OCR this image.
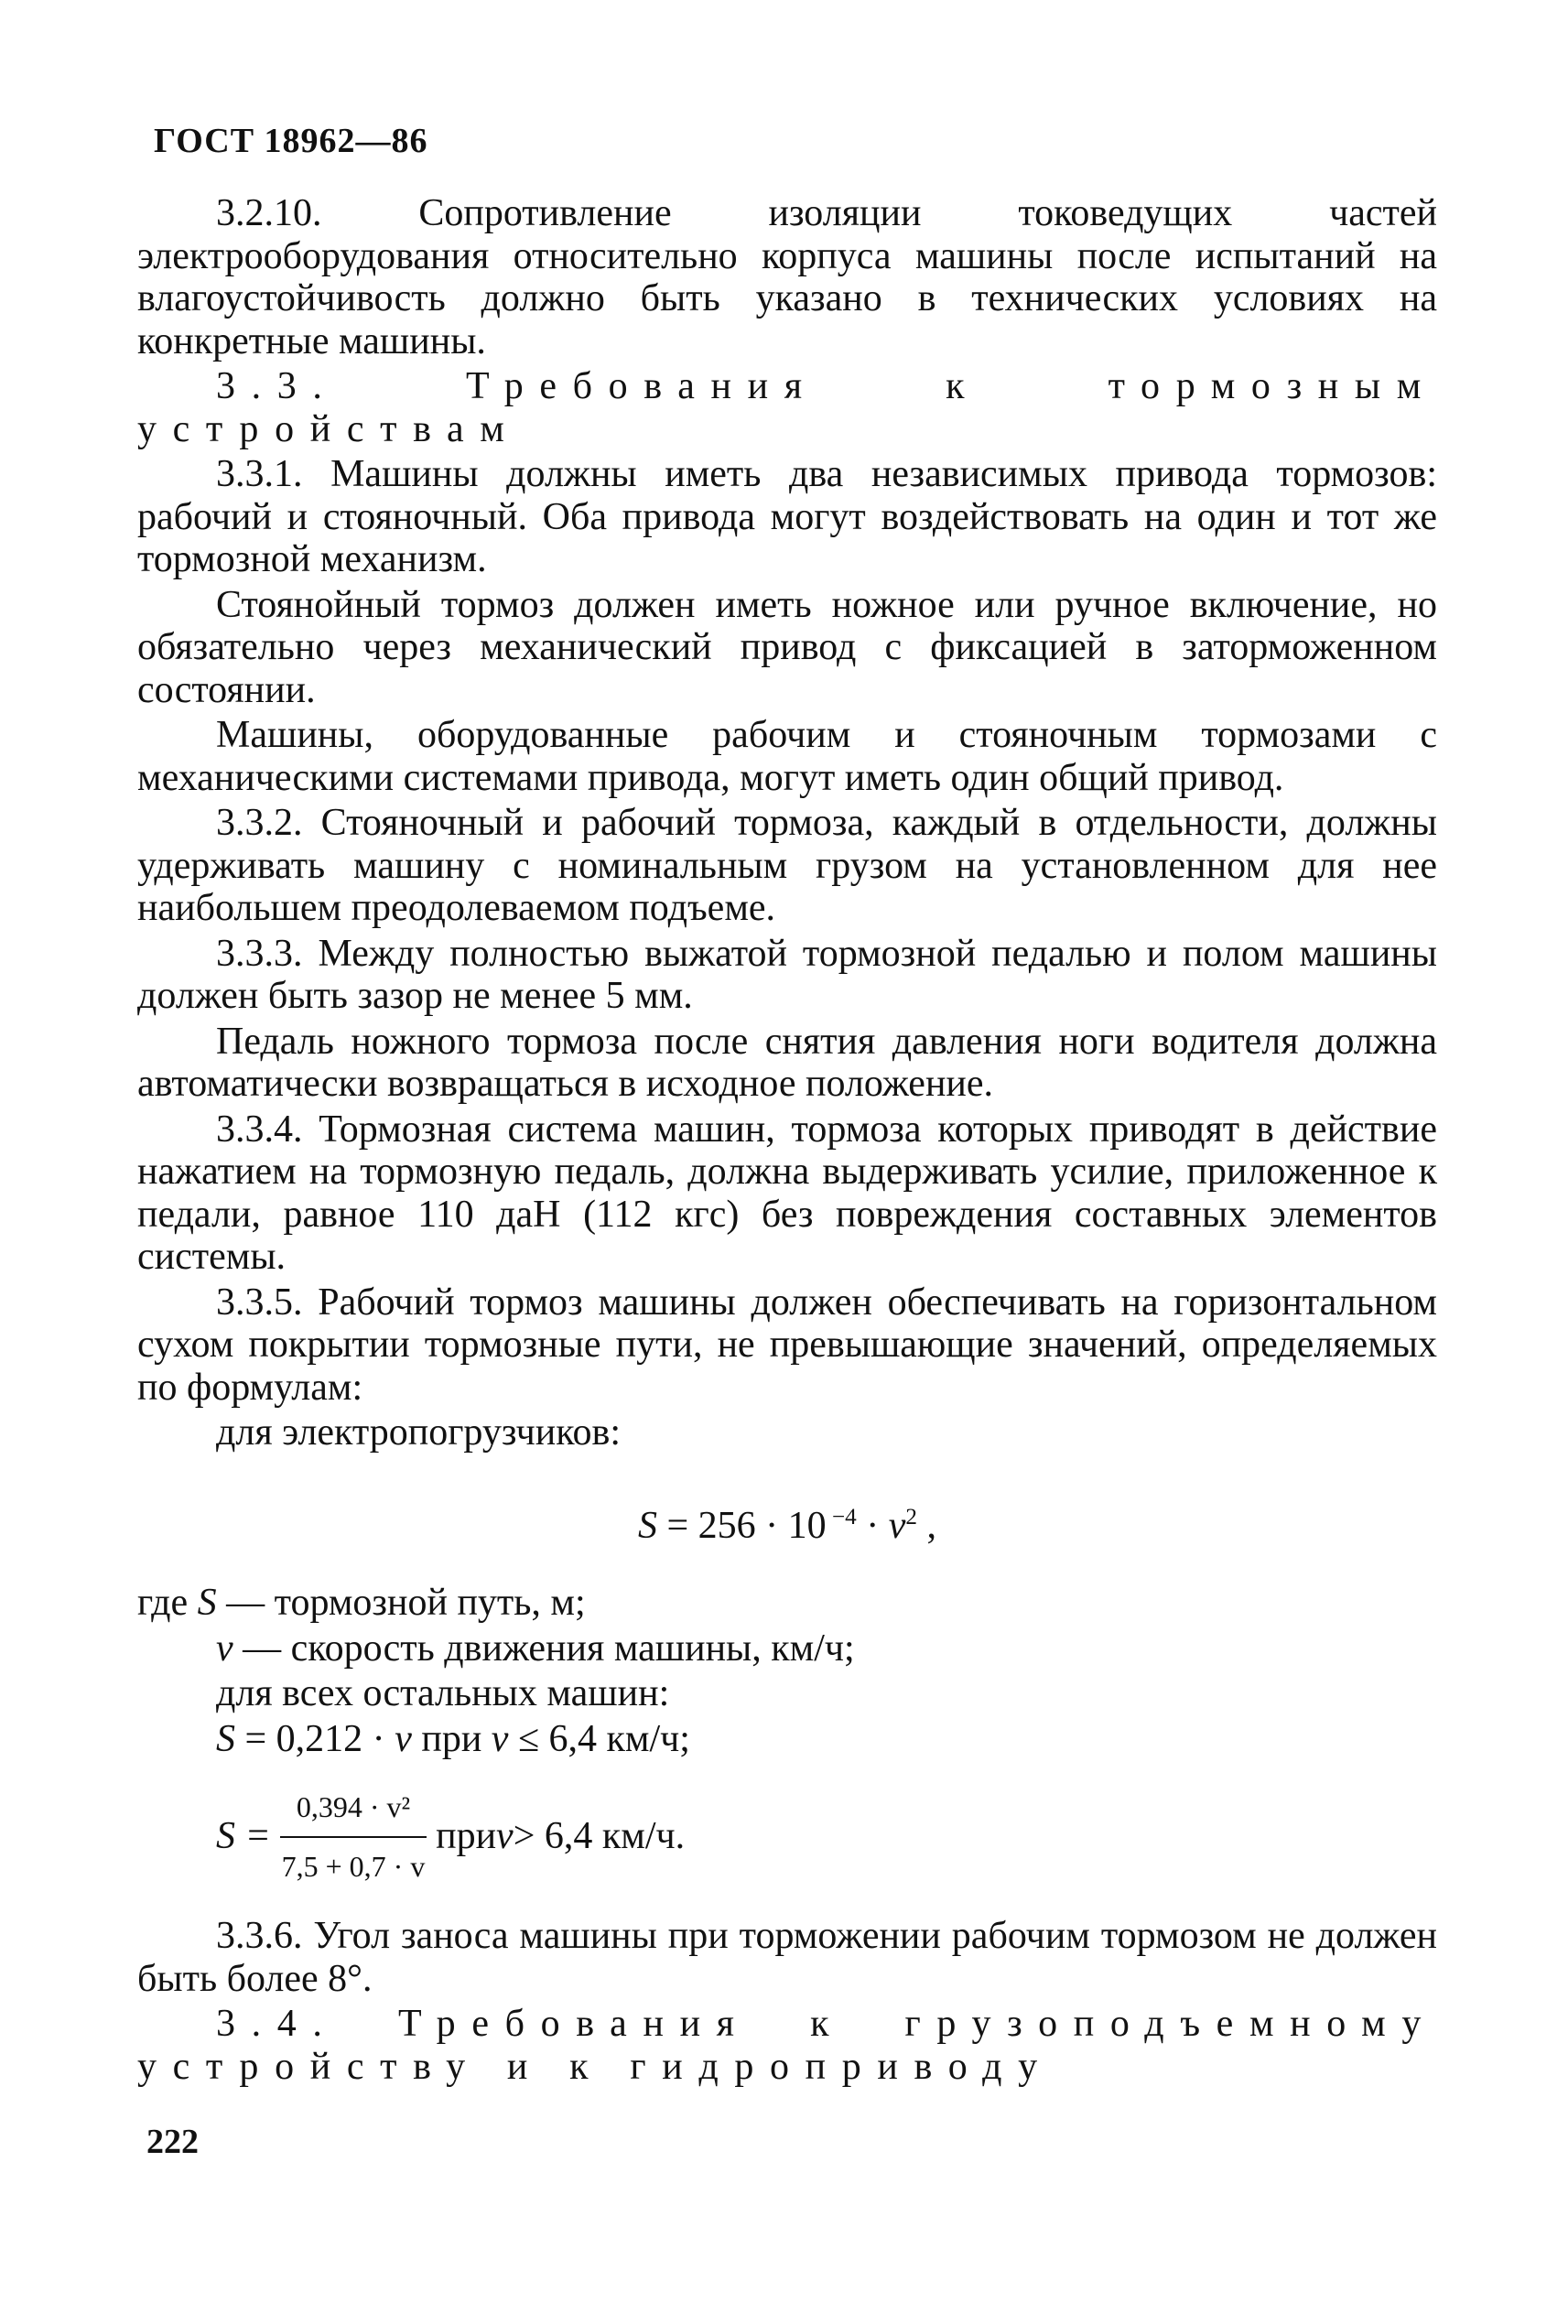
ГОСТ 18962—86

3.2.10. Сопротивление изоляции токоведущих частей электрооборудования относительно корпуса машины после испытаний на влагоустойчивость должно быть указано в технических условиях на конкретные машины.

3.3. Требования к тормозным устройствам

3.3.1. Машины должны иметь два независимых привода тормозов: рабочий и стояночный. Оба привода могут воздействовать на один и тот же тормозной механизм.

Стоянойный тормоз должен иметь ножное или ручное включение, но обязательно через механический привод с фиксацией в заторможенном состоянии.

Машины, оборудованные рабочим и стояночным тормозами с механическими системами привода, могут иметь один общий привод.

3.3.2. Стояночный и рабочий тормоза, каждый в отдельности, должны удерживать машину с номинальным грузом на установленном для нее наибольшем преодолеваемом подъеме.

3.3.3. Между полностью выжатой тормозной педалью и полом машины должен быть зазор не менее 5 мм.

Педаль ножного тормоза после снятия давления ноги водителя должна автоматически возвращаться в исходное положение.

3.3.4. Тормозная система машин, тормоза которых приводят в действие нажатием на тормозную педаль, должна выдерживать усилие, приложенное к педали, равное 110 даН (112 кгс) без повреждения составных элементов системы.

3.3.5. Рабочий тормоз машины должен обеспечивать на горизонтальном сухом покрытии тормозные пути, не превышающие значений, определяемых по формулам:

для электропогрузчиков:

S = 256 · 10 $^{-4} \cdot v^2$ ,

где S — тормозной путь, м;

v — скорость движения машины, км/ч;

для всех остальных машин:

S = 0,212 · v при v ≤ 6,4 км/ч;

$S = \frac{\text{0,394 · v²}}{7,5 + 0,7 \cdot v}$ при v > 6,4 км/ч.

3.3.6. Угол заноса машины при торможении рабочим тормозом не должен быть более 8°.

3.4. Требования к грузоподъемному устройству и к гидроприводу

222
